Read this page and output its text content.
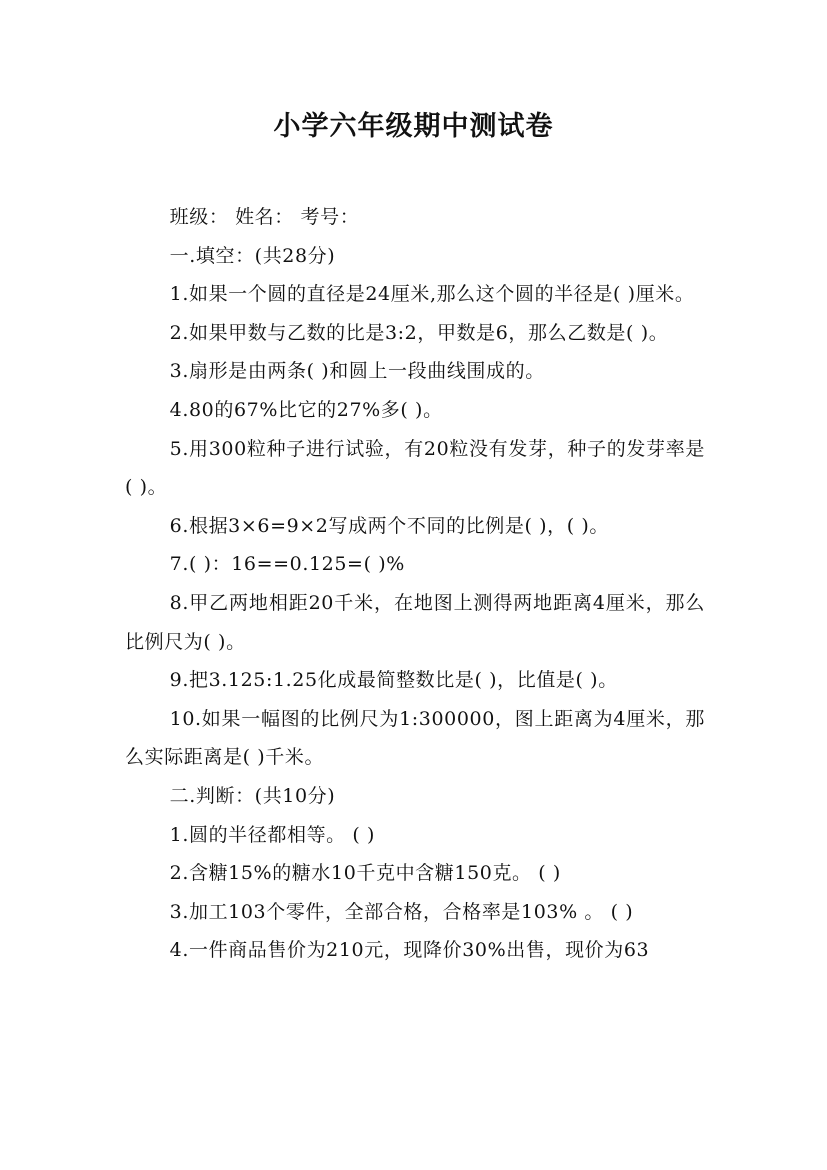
小学六年级期中测试卷

班级： 姓名： 考号：

一.填空：(共28分)

1.如果一个圆的直径是24厘米,那么这个圆的半径是( )厘米。

2.如果甲数与乙数的比是3:2，甲数是6，那么乙数是( )。

3.扇形是由两条( )和圆上一段曲线围成的。

4.80的67%比它的27%多( )。

5.用300粒种子进行试验，有20粒没有发芽，种子的发芽率是( )。

6.根据3×6=9×2写成两个不同的比例是( )，( )。

7.( )：16==0.125=( )%

8.甲乙两地相距20千米，在地图上测得两地距离4厘米，那么比例尺为( )。

9.把3.125:1.25化成最简整数比是( )，比值是( )。

10.如果一幅图的比例尺为1:300000，图上距离为4厘米，那么实际距离是( )千米。

二.判断：(共10分)

1.圆的半径都相等。 ( )

2.含糖15%的糖水10千克中含糖150克。 ( )

3.加工103个零件，全部合格，合格率是103% 。 ( )

4.一件商品售价为210元，现降价30%出售，现价为63
